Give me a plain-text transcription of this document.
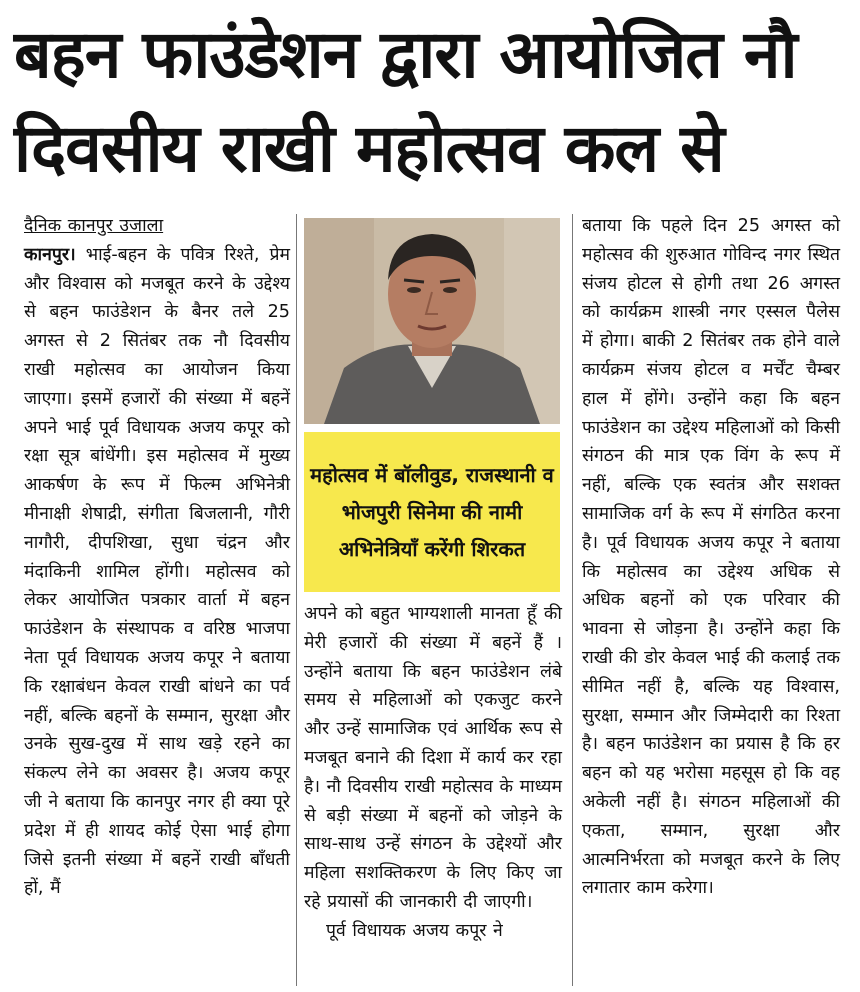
बहन फाउंडेशन द्वारा आयोजित नौ
दिवसीय राखी महोत्सव कल से
दैनिक कानपुर उजाला
कानपुर। भाई-बहन के पवित्र रिश्ते, प्रेम और विश्वास को मजबूत करने के उद्देश्य से बहन फाउंडेशन के बैनर तले 25 अगस्त से 2 सितंबर तक नौ दिवसीय राखी महोत्सव का आयोजन किया जाएगा। इसमें हजारों की संख्या में बहनें अपने भाई पूर्व विधायक अजय कपूर को रक्षा सूत्र बांधेंगी। इस महोत्सव में मुख्य आकर्षण के रूप में फिल्म अभिनेत्री मीनाक्षी शेषाद्री, संगीता बिजलानी, गौरी नागौरी, दीपशिखा, सुधा चंद्रन और मंदाकिनी शामिल होंगी। महोत्सव को लेकर आयोजित पत्रकार वार्ता में बहन फाउंडेशन के संस्थापक व वरिष्ठ भाजपा नेता पूर्व विधायक अजय कपूर ने बताया कि रक्षाबंधन केवल राखी बांधने का पर्व नहीं, बल्कि बहनों के सम्मान, सुरक्षा और उनके सुख-दुख में साथ खड़े रहने का संकल्प लेने का अवसर है। अजय कपूर जी ने बताया कि कानपुर नगर ही क्या पूरे प्रदेश में ही शायद कोई ऐसा भाई होगा जिसे इतनी संख्या में बहनें राखी बाँधती हों, मैं

महोत्सव में बॉलीवुड, राजस्थानी व भोजपुरी सिनेमा की नामी अभिनेत्रियाँ करेंगी शिरकत

अपने को बहुत भाग्यशाली मानता हूँ की मेरी हजारों की संख्या में बहनें हैं । उन्होंने बताया कि बहन फाउंडेशन लंबे समय से महिलाओं को एकजुट करने और उन्हें सामाजिक एवं आर्थिक रूप से मजबूत बनाने की दिशा में कार्य कर रहा है। नौ दिवसीय राखी महोत्सव के माध्यम से बड़ी संख्या में बहनों को जोड़ने के साथ-साथ उन्हें संगठन के उद्देश्यों और महिला सशक्तिकरण के लिए किए जा रहे प्रयासों की जानकारी दी जाएगी।
पूर्व विधायक अजय कपूर ने
बताया कि पहले दिन 25 अगस्त को महोत्सव की शुरुआत गोविन्द नगर स्थित संजय होटल से होगी तथा 26 अगस्त को कार्यक्रम शास्त्री नगर एस्सल पैलेस में होगा। बाकी 2 सितंबर तक होने वाले कार्यक्रम संजय होटल व मर्चेंट चैम्बर हाल में होंगे। उन्होंने कहा कि बहन फाउंडेशन का उद्देश्य महिलाओं को किसी संगठन की मात्र एक विंग के रूप में नहीं, बल्कि एक स्वतंत्र और सशक्त सामाजिक वर्ग के रूप में संगठित करना है। पूर्व विधायक अजय कपूर ने बताया कि महोत्सव का उद्देश्य अधिक से अधिक बहनों को एक परिवार की भावना से जोड़ना है। उन्होंने कहा कि राखी की डोर केवल भाई की कलाई तक सीमित नहीं है, बल्कि यह विश्वास, सुरक्षा, सम्मान और जिम्मेदारी का रिश्ता है। बहन फाउंडेशन का प्रयास है कि हर बहन को यह भरोसा महसूस हो कि वह अकेली नहीं है। संगठन महिलाओं की एकता, सम्मान, सुरक्षा और आत्मनिर्भरता को मजबूत करने के लिए लगातार काम करेगा।
